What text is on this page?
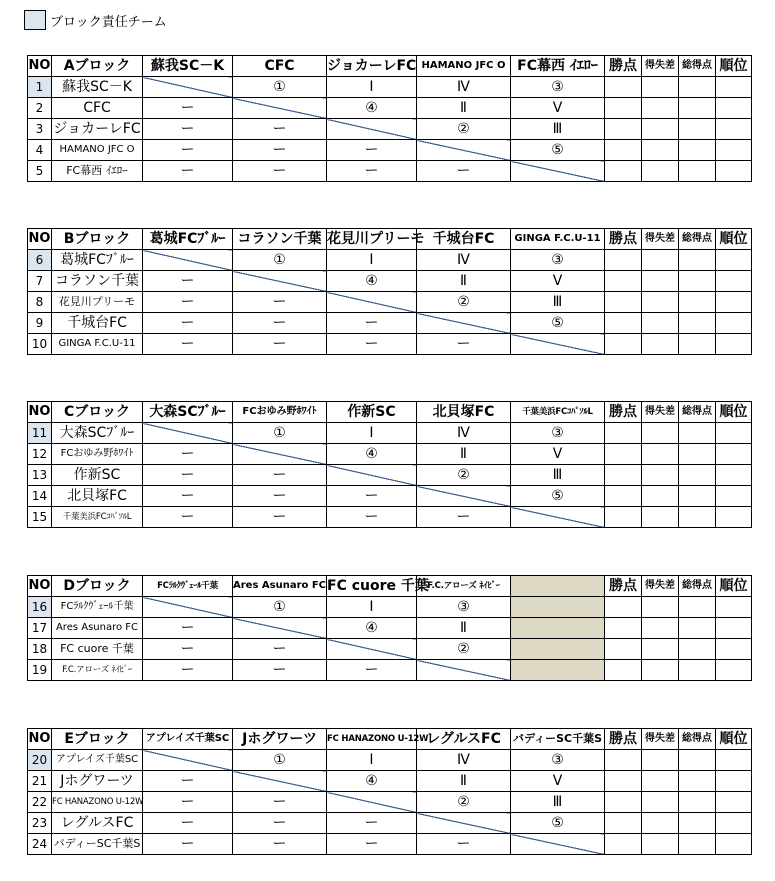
ブロック責任チーム
NO	Aブロック	蘇我SC－K	CFC	ジョカーレFC	HAMANO JFC O	FC幕西 ｲｴﾛｰ	勝点	得失差	総得点	順位
1	蘇我SC－K		①	Ⅰ	Ⅳ	③				
2	CFC	ー		④	Ⅱ	Ⅴ				
3	ジョカーレFC	ー	ー		②	Ⅲ				
4	HAMANO JFC O	ー	ー	ー		⑤				
5	FC幕西 ｲｴﾛｰ	ー	ー	ー	ー					
NO	Bブロック	葛城FCﾌﾞﾙｰ	コラソン千葉	花見川プリーモ	千城台FC	GINGA F.C.U-11	勝点	得失差	総得点	順位
6	葛城FCﾌﾞﾙｰ		①	Ⅰ	Ⅳ	③				
7	コラソン千葉	ー		④	Ⅱ	Ⅴ				
8	花見川プリーモ	ー	ー		②	Ⅲ				
9	千城台FC	ー	ー	ー		⑤				
10	GINGA F.C.U-11	ー	ー	ー	ー					
NO	Cブロック	大森SCﾌﾞﾙｰ	FCおゆみ野ﾎﾜｲﾄ	作新SC	北貝塚FC	千葉美浜FCｺﾊﾟｿﾙL	勝点	得失差	総得点	順位
11	大森SCﾌﾞﾙｰ		①	Ⅰ	Ⅳ	③				
12	FCおゆみ野ﾎﾜｲﾄ	ー		④	Ⅱ	Ⅴ				
13	作新SC	ー	ー		②	Ⅲ				
14	北貝塚FC	ー	ー	ー		⑤				
15	千葉美浜FCｺﾊﾟｿﾙL	ー	ー	ー	ー					
NO	Dブロック	FCﾗﾙｸｳﾞｪｰﾙ千葉	Ares Asunaro FC	FC cuore 千葉	F.C.アローズ ﾈｲﾋﾞｰ		勝点	得失差	総得点	順位
16	FCﾗﾙｸｳﾞｪｰﾙ千葉		①	Ⅰ	③					
17	Ares Asunaro FC	ー		④	Ⅱ					
18	FC cuore 千葉	ー	ー		②					
19	F.C.アローズ ﾈｲﾋﾞｰ	ー	ー	ー						
NO	Eブロック	アプレイズ千葉SC	Jホグワーツ	FC HANAZONO U-12W	レグルスFC	バディーSC千葉S	勝点	得失差	総得点	順位
20	アプレイズ千葉SC		①	Ⅰ	Ⅳ	③				
21	Jホグワーツ	ー		④	Ⅱ	Ⅴ				
22	FC HANAZONO U-12W	ー	ー		②	Ⅲ				
23	レグルスFC	ー	ー	ー		⑤				
24	バディーSC千葉S	ー	ー	ー	ー					
